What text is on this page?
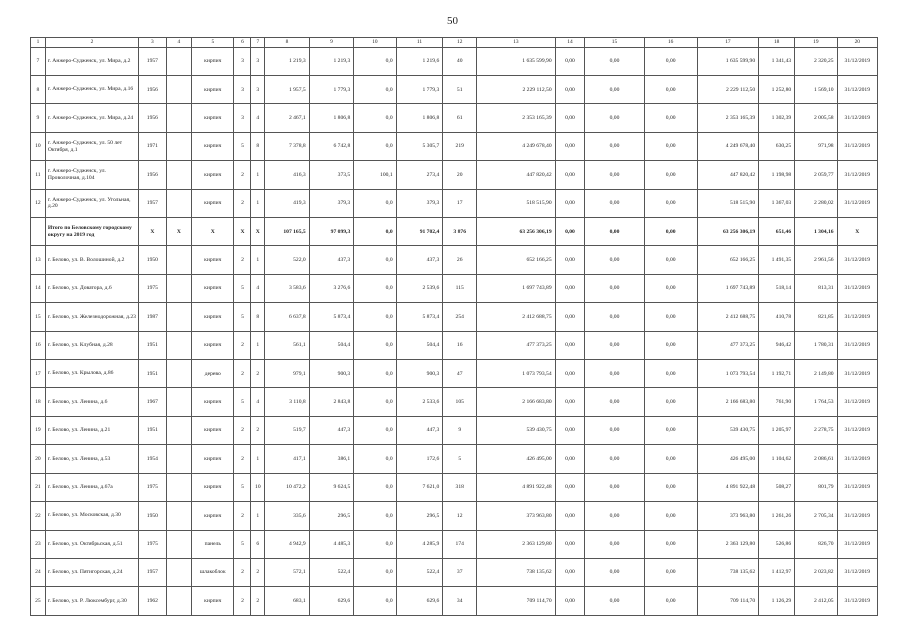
50
1	2	3	4	5	6	7	8	9	10	11	12	13	14	15	16	17	18	19	20
7	г. Анжеро-Судженск, ул. Мира, д.2	1957		кирпич	3	3	1 219,3	1 219,3	0,0	1 219,6	40	1 635 599,90	0,00	0,00	0,00	1 635 599,90	1 341,43	2 320,25	31/12/2019
8	г. Анжеро-Судженск, ул. Мира, д.16	1956		кирпич	3	3	1 957,5	1 779,3	0,0	1 779,3	51	2 229 112,50	0,00	0,00	0,00	2 229 112,50	1 252,80	1 569,10	31/12/2019
9	г. Анжеро-Судженск, ул. Мира, д.24	1956		кирпич	3	4	2 467,1	1 806,8	0,0	1 806,8	61	2 353 165,39	0,00	0,00	0,00	2 353 165,39	1 302,39	2 005,58	31/12/2019
10	г. Анжеро-Судженск, ул. 50 лет Октября, д.1	1971		кирпич	5	8	7 378,8	6 742,8	0,0	5 305,7	219	4 249 678,40	0,00	0,00	0,00	4 249 678,40	630,25	971,98	31/12/2019
11	г. Анжеро-Судженск, ул. Проволочная, д.104	1956		кирпич	2	1	416,3	373,5	100,1	273,4	20	447 820,42	0,00	0,00	0,00	447 820,42	1 198,98	2 059,77	31/12/2019
12	г. Анжеро-Судженск, ул. Угольная, д.20	1957		кирпич	2	1	419,3	379,3	0,0	379,3	17	518 515,90	0,00	0,00	0,00	518 515,90	1 367,03	2 280,02	31/12/2019
	Итого по Беловскому городскому округу на 2019 год	X	X	X	X	X	107 165,5	97 099,3	0,0	91 702,4	3 876	63 256 306,19	0,00	0,00	0,00	63 256 306,19	651,46	1 304,16	X
13	г. Белово, ул. В. Волошиной, д.2	1950		кирпич	2	1	522,0	437,3	0,0	437,3	26	652 166,25	0,00	0,00	0,00	652 166,25	1 491,35	2 961,56	31/12/2019
14	г. Белово, ул. Доватора, д.6	1975		кирпич	5	4	3 583,6	3 276,6	0,0	2 539,6	115	1 697 743,89	0,00	0,00	0,00	1 697 743,89	518,14	813,31	31/12/2019
15	г. Белово, ул. Железнодорожная, д.23	1987		кирпич	5	8	6 637,8	5 873,4	0,0	5 873,4	254	2 412 688,75	0,00	0,00	0,00	2 412 688,75	410,78	821,85	31/12/2019
16	г. Белово, ул. Клубная, д.28	1951		кирпич	2	1	561,1	504,4	0,0	504,4	16	477 373,25	0,00	0,00	0,00	477 373,25	946,42	1 780,31	31/12/2019
17	г. Белово, ул. Крылова, д.86	1951		дерево	2	2	979,1	900,3	0,0	900,3	47	1 073 793,54	0,00	0,00	0,00	1 073 793,54	1 192,71	2 149,80	31/12/2019
18	г. Белово, ул. Ленина, д.6	1967		кирпич	5	4	3 110,8	2 843,8	0,0	2 533,6	105	2 166 683,80	0,00	0,00	0,00	2 166 683,80	761,90	1 764,53	31/12/2019
19	г. Белово, ул. Ленина, д.21	1951		кирпич	2	2	519,7	447,3	0,0	447,3	9	539 430,75	0,00	0,00	0,00	539 430,75	1 205,97	2 278,75	31/12/2019
20	г. Белово, ул. Ленина, д.53	1954		кирпич	2	1	417,1	386,1	0,0	172,6	5	426 495,00	0,00	0,00	0,00	426 495,00	1 104,62	2 086,61	31/12/2019
21	г. Белово, ул. Ленина, д.67а	1975		кирпич	5	10	10 472,2	9 624,5	0,0	7 621,0	318	4 891 922,48	0,00	0,00	0,00	4 891 922,48	508,27	801,79	31/12/2019
22	г. Белово, ул. Московская, д.30	1950		кирпич	2	1	335,6	296,5	0,0	296,5	12	373 963,80	0,00	0,00	0,00	373 963,80	1 261,26	2 705,34	31/12/2019
23	г. Белово, ул. Октябрьская, д.51	1975		панель	5	6	4 942,9	4 485,3	0,0	4 285,9	174	2 363 129,80	0,00	0,00	0,00	2 363 129,80	526,86	826,70	31/12/2019
24	г. Белово, ул. Пятигорская, д.24	1957		шлакоблок	2	2	572,1	522,4	0,0	522,4	37	738 135,62	0,00	0,00	0,00	738 135,62	1 412,97	2 023,82	31/12/2019
25	г. Белово, ул. Р. Люксембург, д.30	1962		кирпич	2	2	683,1	629,6	0,0	629,6	34	709 114,70	0,00	0,00	0,00	709 114,70	1 126,29	2 412,05	31/12/2019
